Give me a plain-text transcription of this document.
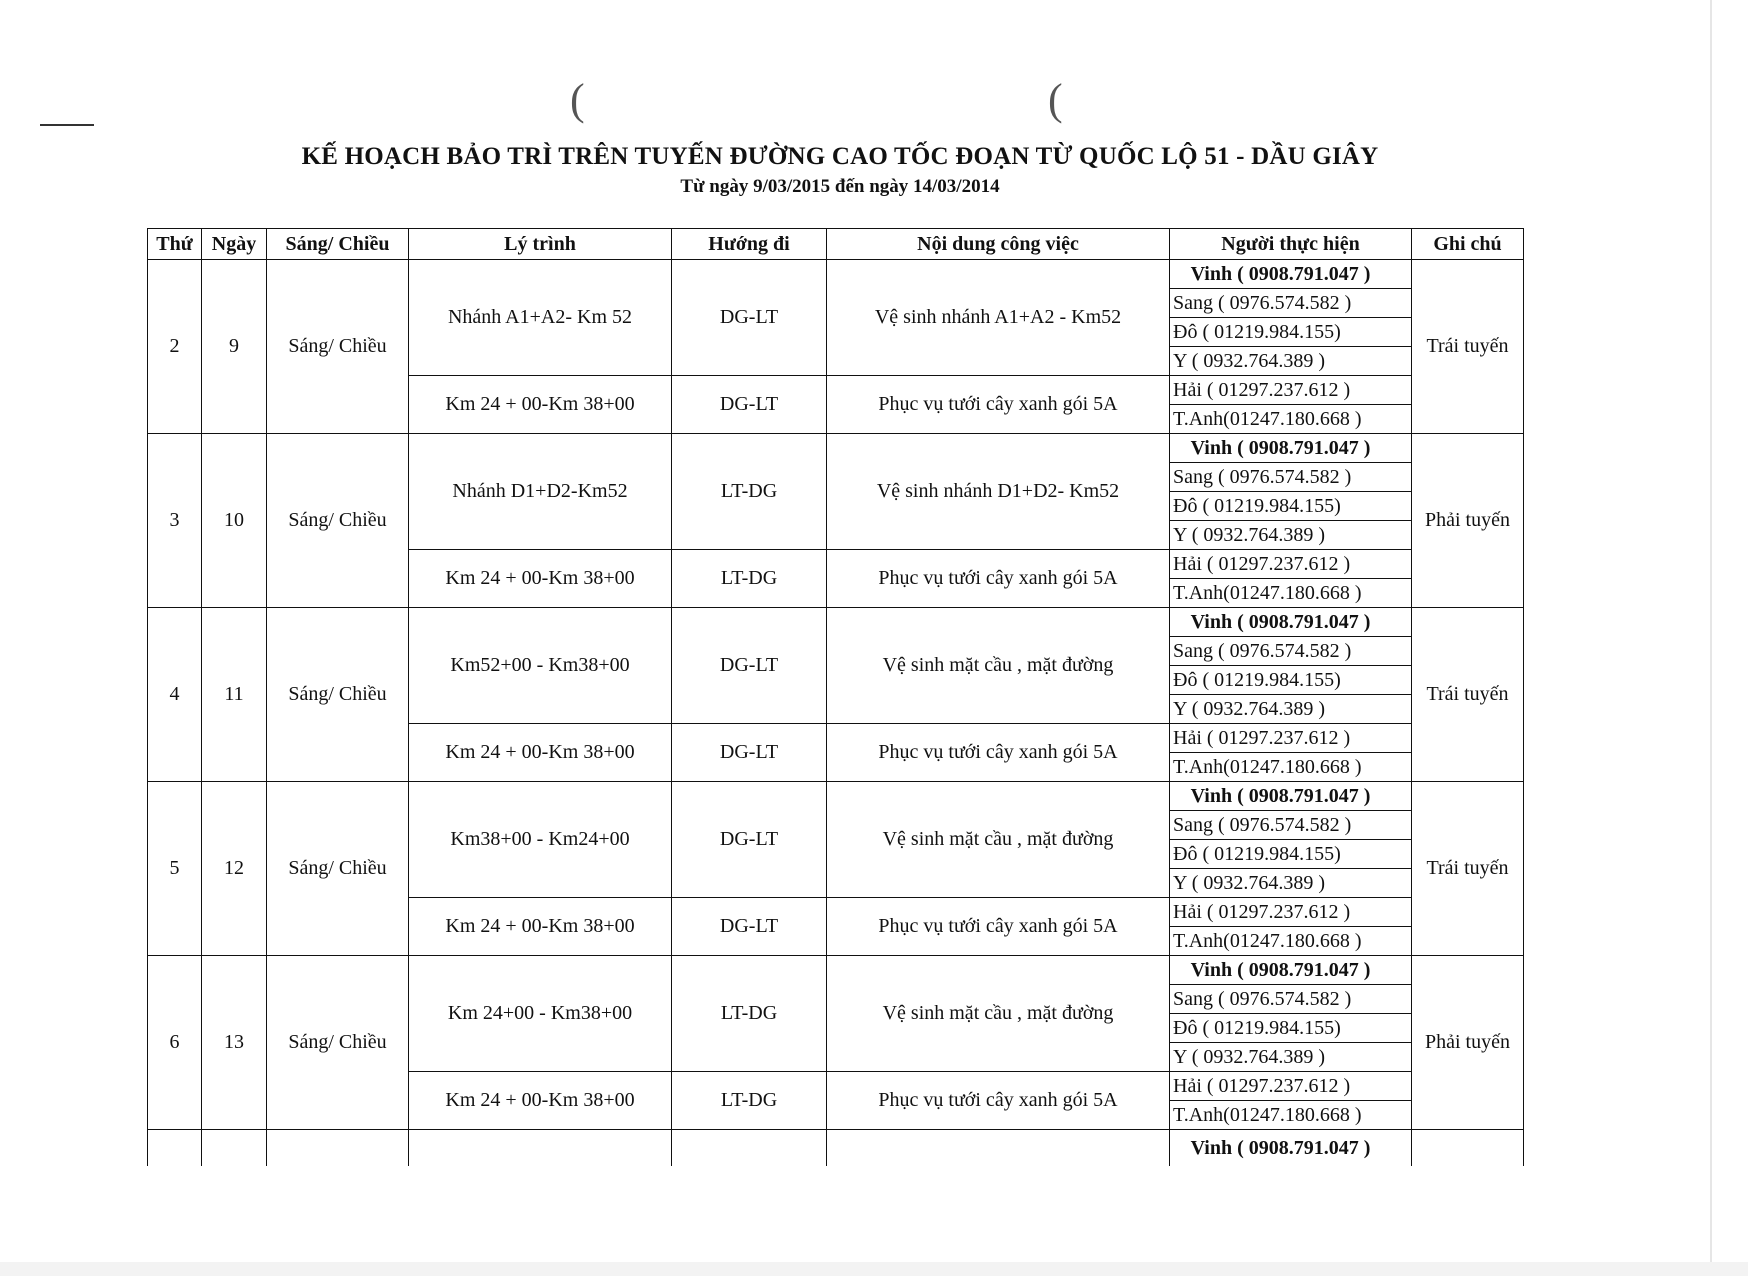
(	(
KẾ HOẠCH BẢO TRÌ TRÊN TUYẾN ĐƯỜNG CAO TỐC ĐOẠN TỪ QUỐC LỘ 51 - DẦU GIÂY
Từ ngày 9/03/2015 đến ngày 14/03/2014
Thứ	Ngày	Sáng/ Chiều	Lý trình	Hướng đi	Nội dung công việc	Người thực hiện	Ghi chú
2	9	Sáng/ Chiều	Nhánh A1+A2- Km 52	DG-LT	Vệ sinh nhánh A1+A2 - Km52	Vinh ( 0908.791.047 )	Trái tuyến
						Sang ( 0976.574.582 )	
						Đô ( 01219.984.155)	
						Y ( 0932.764.389 )	
			Km 24 + 00-Km 38+00	DG-LT	Phục vụ tưới cây xanh gói 5A	Hải ( 01297.237.612 )	
						T.Anh(01247.180.668 )	
3	10	Sáng/ Chiều	Nhánh D1+D2-Km52	LT-DG	Vệ sinh nhánh D1+D2- Km52	Vinh ( 0908.791.047 )	Phải tuyến
						Sang ( 0976.574.582 )	
						Đô ( 01219.984.155)	
						Y ( 0932.764.389 )	
			Km 24 + 00-Km 38+00	LT-DG	Phục vụ tưới cây xanh gói 5A	Hải ( 01297.237.612 )	
						T.Anh(01247.180.668 )	
4	11	Sáng/ Chiều	Km52+00 - Km38+00	DG-LT	Vệ sinh mặt cầu , mặt đường	Vinh ( 0908.791.047 )	Trái tuyến
						Sang ( 0976.574.582 )	
						Đô ( 01219.984.155)	
						Y ( 0932.764.389 )	
			Km 24 + 00-Km 38+00	DG-LT	Phục vụ tưới cây xanh gói 5A	Hải ( 01297.237.612 )	
						T.Anh(01247.180.668 )	
5	12	Sáng/ Chiều	Km38+00 - Km24+00	DG-LT	Vệ sinh mặt cầu , mặt đường	Vinh ( 0908.791.047 )	Trái tuyến
						Sang ( 0976.574.582 )	
						Đô ( 01219.984.155)	
						Y ( 0932.764.389 )	
			Km 24 + 00-Km 38+00	DG-LT	Phục vụ tưới cây xanh gói 5A	Hải ( 01297.237.612 )	
						T.Anh(01247.180.668 )	
6	13	Sáng/ Chiều	Km 24+00 - Km38+00	LT-DG	Vệ sinh mặt cầu , mặt đường	Vinh ( 0908.791.047 )	Phải tuyến
						Sang ( 0976.574.582 )	
						Đô ( 01219.984.155)	
						Y ( 0932.764.389 )	
			Km 24 + 00-Km 38+00	LT-DG	Phục vụ tưới cây xanh gói 5A	Hải ( 01297.237.612 )	
						T.Anh(01247.180.668 )	
						Vinh ( 0908.791.047 )	
